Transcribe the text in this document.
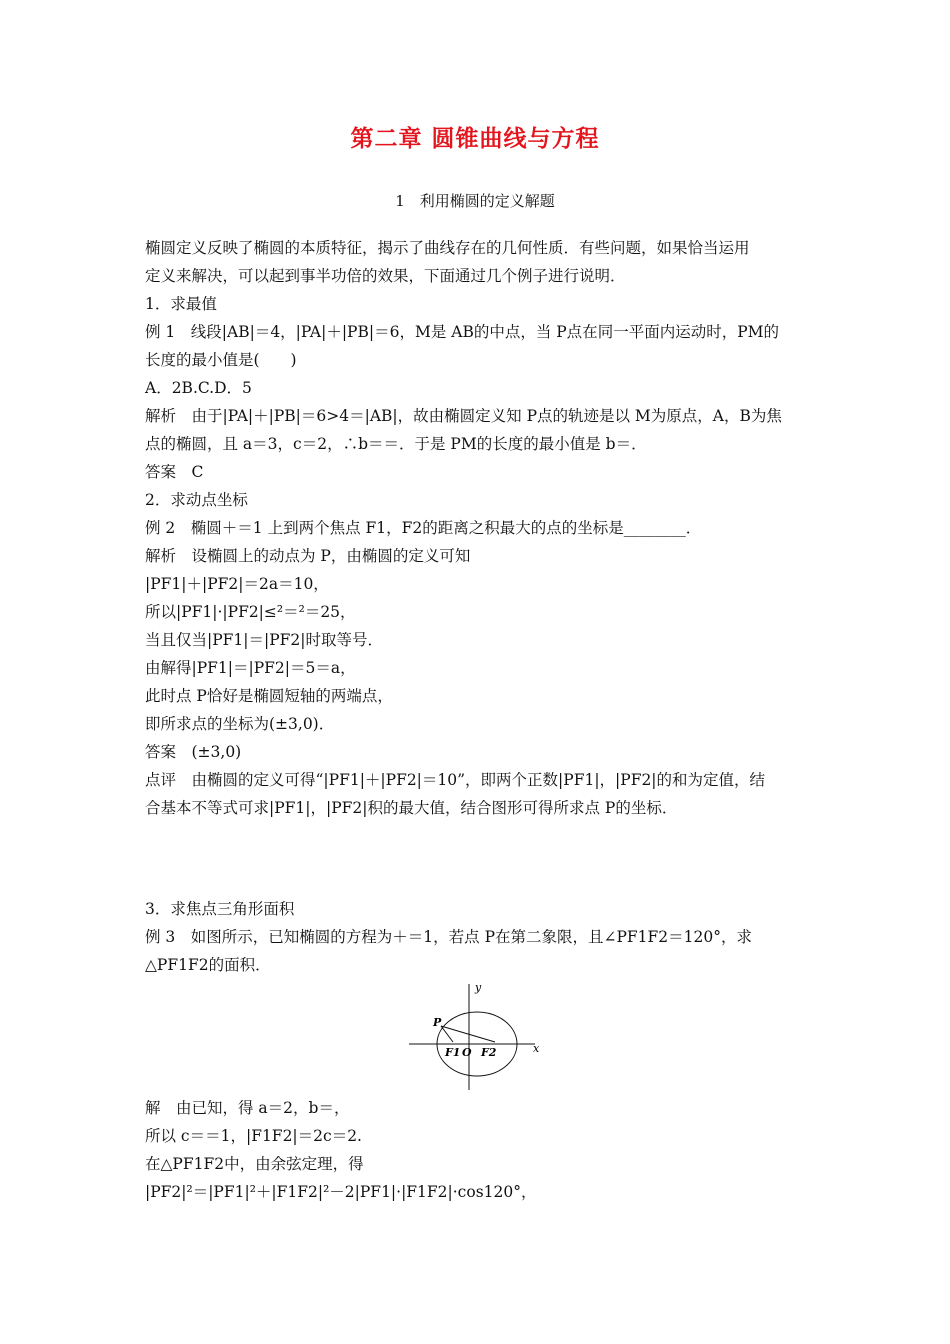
第二章 圆锥曲线与方程
1　利用椭圆的定义解题
椭圆定义反映了椭圆的本质特征，揭示了曲线存在的几何性质．有些问题，如果恰当运用
定义来解决，可以起到事半功倍的效果，下面通过几个例子进行说明．
1．求最值
例 1　线段|AB|＝4，|PA|＋|PB|＝6，M是 AB的中点，当 P点在同一平面内运动时，PM的
长度的最小值是(　　)
A．2B.C.D．5
解析　由于|PA|＋|PB|＝6>4＝|AB|，故由椭圆定义知 P点的轨迹是以 M为原点，A，B为焦
点的椭圆，且 a＝3，c＝2，∴b＝＝．于是 PM的长度的最小值是 b＝．
答案　C
2．求动点坐标
例 2　椭圆＋＝1 上到两个焦点 F1，F2的距离之积最大的点的坐标是________．
解析　设椭圆上的动点为 P，由椭圆的定义可知
|PF1|＋|PF2|＝2a＝10，
所以|PF1|·|PF2|≤²＝²＝25，
当且仅当|PF1|＝|PF2|时取等号．
由解得|PF1|＝|PF2|＝5＝a，
此时点 P恰好是椭圆短轴的两端点，
即所求点的坐标为(±3,0)．
答案　(±3,0)
点评　由椭圆的定义可得“|PF1|＋|PF2|＝10”，即两个正数|PF1|，|PF2|的和为定值，结
合基本不等式可求|PF1|，|PF2|积的最大值，结合图形可得所求点 P的坐标．
3．求焦点三角形面积
例 3　如图所示，已知椭圆的方程为＋＝1，若点 P在第二象限，且∠PF1F2＝120°，求
△PF1F2的面积．
y
x
P
F1 O F2
解　由已知，得 a＝2，b＝，
所以 c＝＝1，|F1F2|＝2c＝2.
在△PF1F2中，由余弦定理，得
|PF2|²＝|PF1|²＋|F1F2|²－2|PF1|·|F1F2|·cos120°，
